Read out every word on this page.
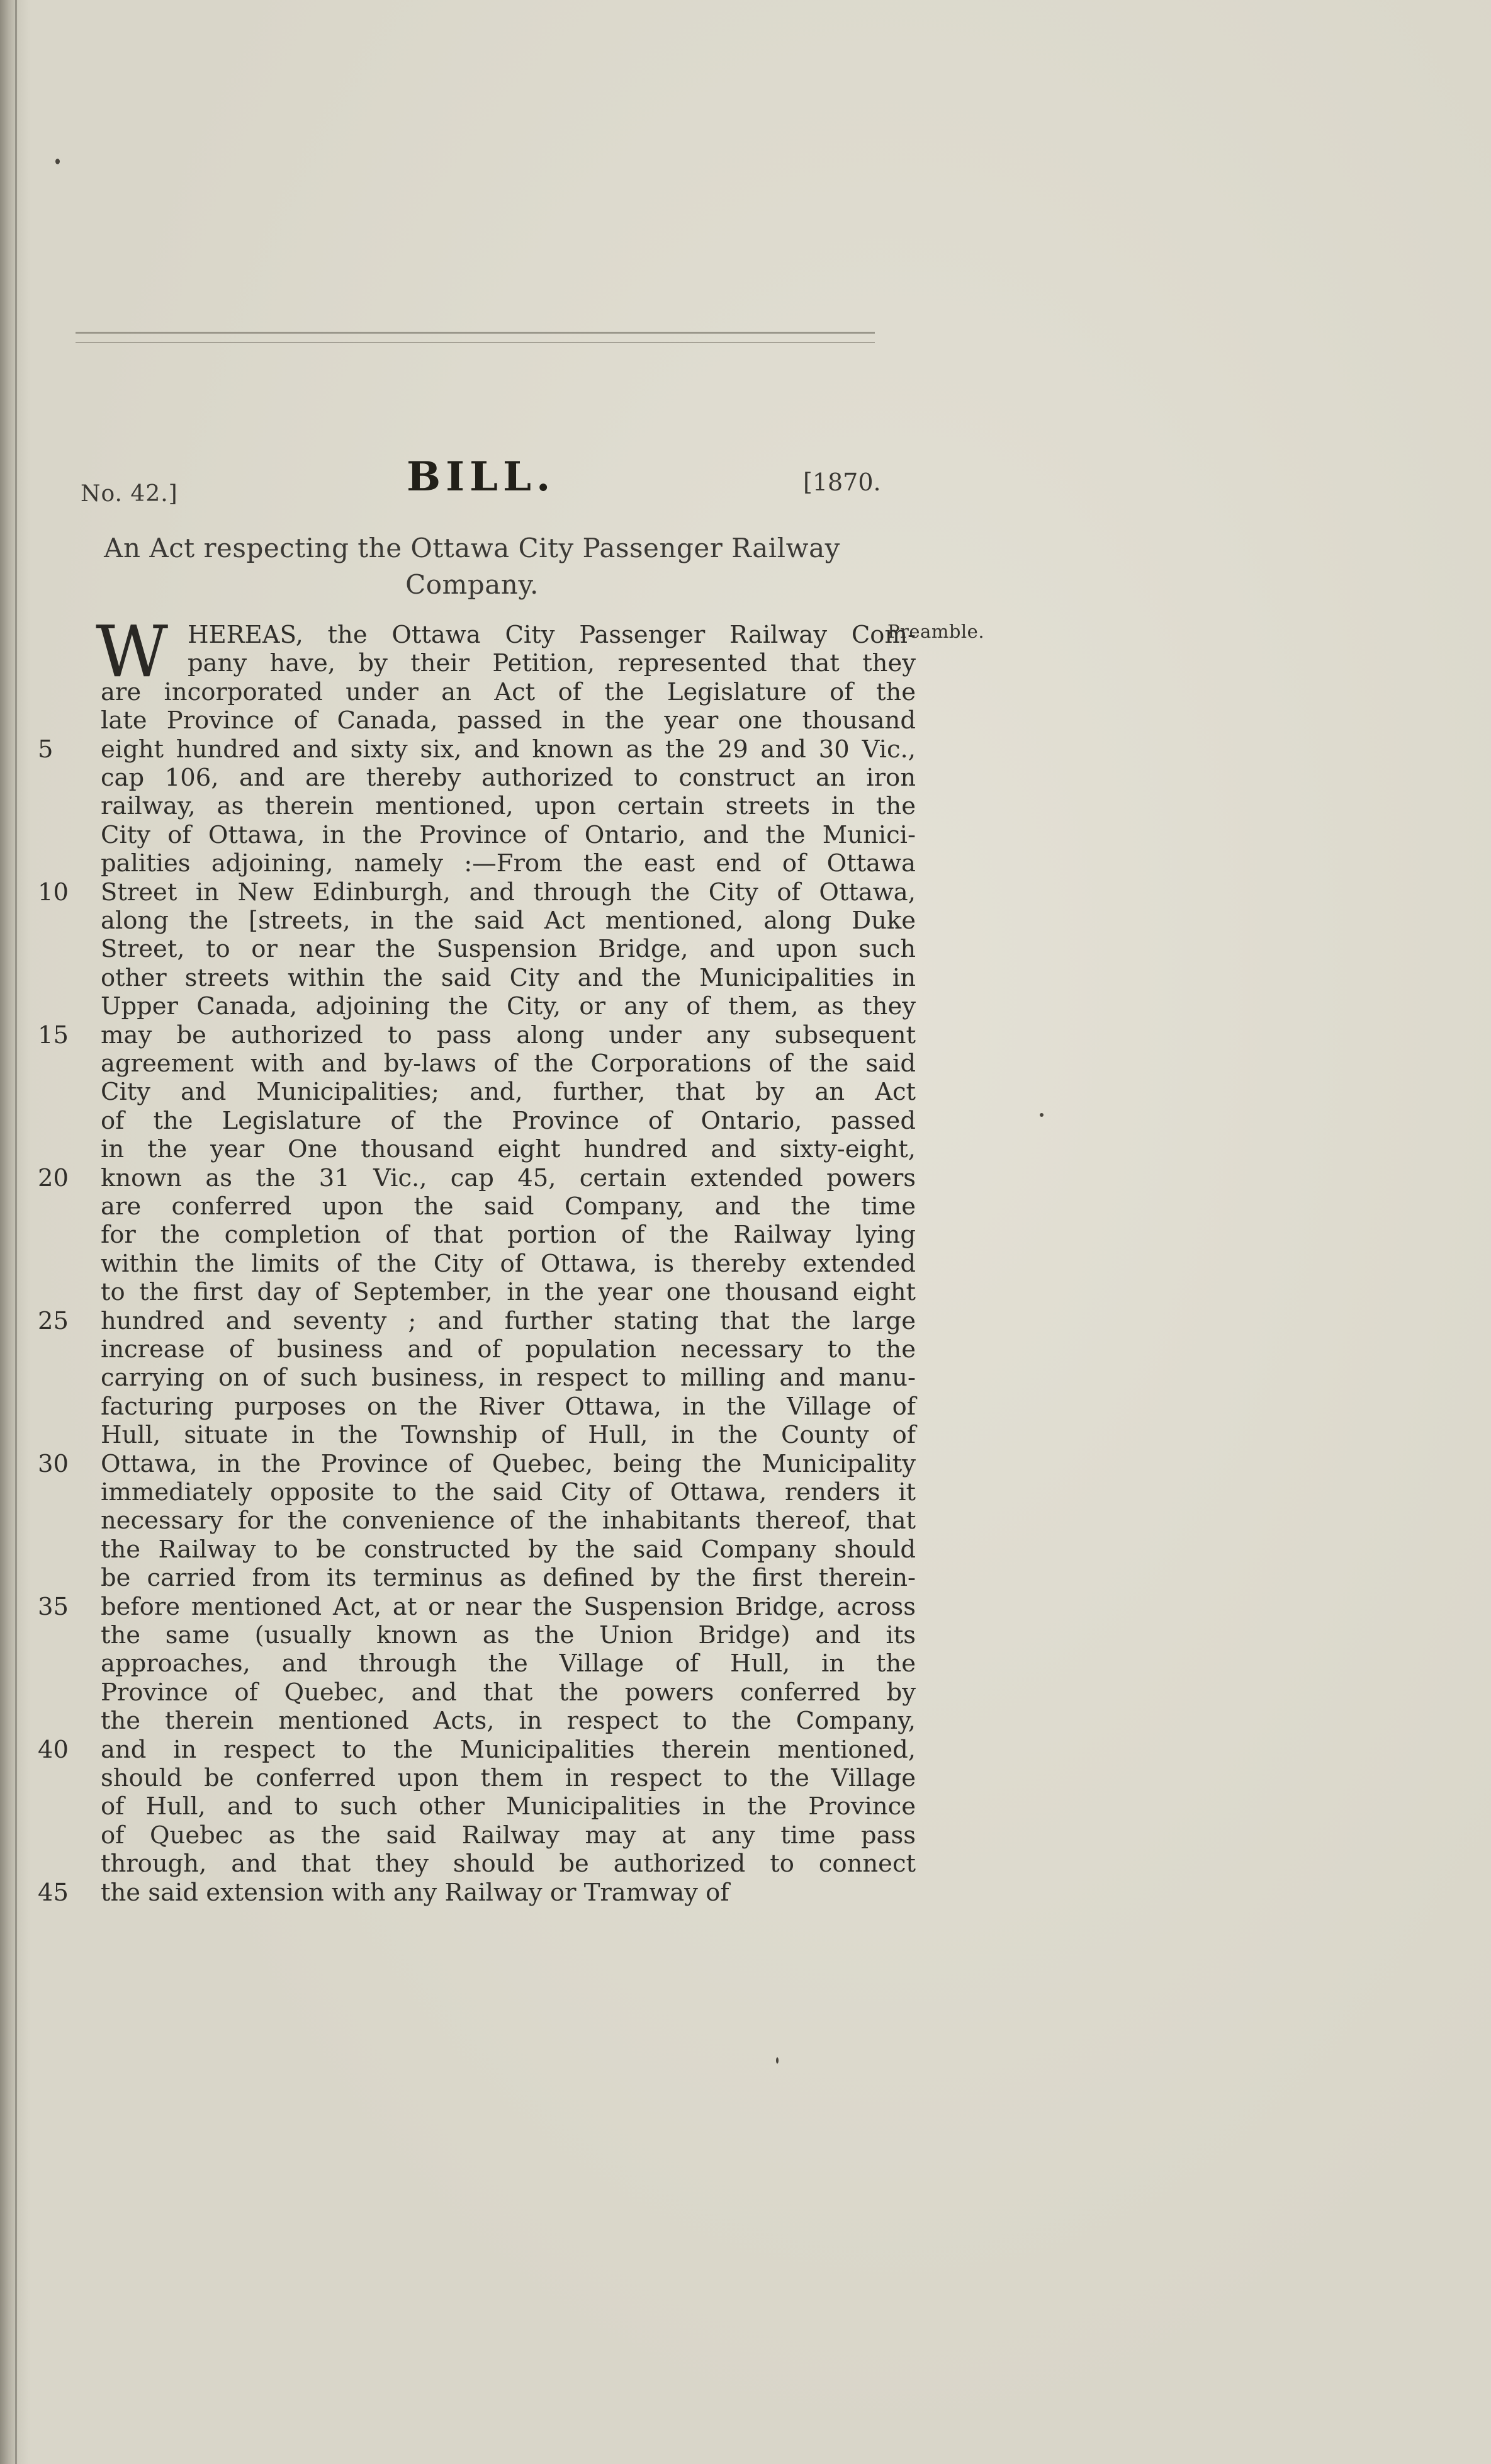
No. 42.]	BILL.	[1870.
An Act respecting the Ottawa City Passenger Railway
Company.
Preamble.
W HEREAS, the Ottawa City Passenger Railway Com-
pany have, by their Petition, represented that they
are incorporated under an Act of the Legislature of the
late Province of Canada, passed in the year one thousand
5	eight hundred and sixty six, and known as the 29 and 30 Vic.,
cap 106, and are thereby authorized to construct an iron
railway, as therein mentioned, upon certain streets in the
City of Ottawa, in the Province of Ontario, and the Munici-
palities adjoining, namely :—From the east end of Ottawa
10	Street in New Edinburgh, and through the City of Ottawa,
along the [streets, in the said Act mentioned, along Duke
Street, to or near the Suspension Bridge, and upon such
other streets within the said City and the Municipalities in
Upper Canada, adjoining the City, or any of them, as they
15	may be authorized to pass along under any subsequent
agreement with and by-laws of the Corporations of the said
City and Municipalities; and, further, that by an Act
of the Legislature of the Province of Ontario, passed
in the year One thousand eight hundred and sixty-eight,
20	known as the 31 Vic., cap 45, certain extended powers
are conferred upon the said Company, and the time
for the completion of that portion of the Railway lying
within the limits of the City of Ottawa, is thereby extended
to the first day of September, in the year one thousand eight
25	hundred and seventy ; and further stating that the large
increase of business and of population necessary to the
carrying on of such business, in respect to milling and manu-
facturing purposes on the River Ottawa, in the Village of
Hull, situate in the Township of Hull, in the County of
30	Ottawa, in the Province of Quebec, being the Municipality
immediately opposite to the said City of Ottawa, renders it
necessary for the convenience of the inhabitants thereof, that
the Railway to be constructed by the said Company should
be carried from its terminus as defined by the first therein-
35	before mentioned Act, at or near the Suspension Bridge, across
the same (usually known as the Union Bridge) and its
approaches, and through the Village of Hull, in the
Province of Quebec, and that the powers conferred by
the therein mentioned Acts, in respect to the Company,
40	and in respect to the Municipalities therein mentioned,
should be conferred upon them in respect to the Village
of Hull, and to such other Municipalities in the Province
of Quebec as the said Railway may at any time pass
through, and that they should be authorized to connect
45	the said extension with any Railway or Tramway of
